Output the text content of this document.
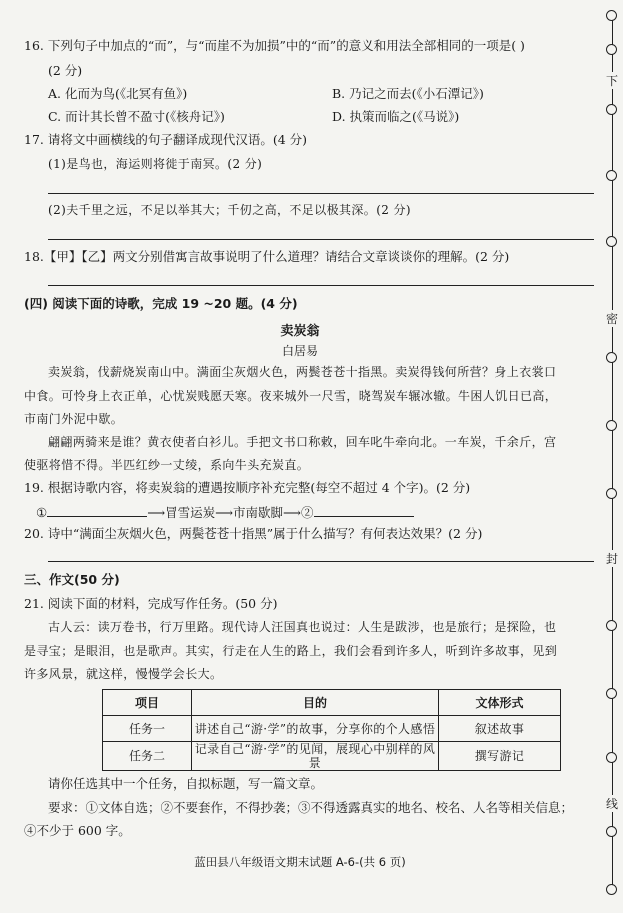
16. 下列句子中加点的“而”，与“而崖不为加损”中的“而”的意义和用法全部相同的一项是( )
(2 分)
A. 化而为鸟(《北冥有鱼》)	B. 乃记之而去(《小石潭记》)
C. 而计其长曾不盈寸(《核舟记》)	D. 执策而临之(《马说》)
17. 请将文中画横线的句子翻译成现代汉语。(4 分)
(1)是鸟也，海运则将徙于南冥。(2 分)
(2)夫千里之远，不足以举其大；千仞之高，不足以极其深。(2 分)
18.【甲】【乙】两文分别借寓言故事说明了什么道理？请结合文章谈谈你的理解。(2 分)
(四) 阅读下面的诗歌，完成 19 ~20 题。(4 分)
卖炭翁
白居易
卖炭翁，伐薪烧炭南山中。满面尘灰烟火色，两鬓苍苍十指黑。卖炭得钱何所营？身上衣裳口
中食。可怜身上衣正单，心忧炭贱愿天寒。夜来城外一尺雪，晓驾炭车辗冰辙。牛困人饥日已高，
市南门外泥中歇。
翩翩两骑来是谁？黄衣使者白衫儿。手把文书口称敕，回车叱牛牵向北。一车炭，千余斤，宫
使驱将惜不得。半匹红纱一丈绫，系向牛头充炭直。
19. 根据诗歌内容，将卖炭翁的遭遇按顺序补充完整(每空不超过 4 个字)。(2 分)
①	⟶冒雪运炭⟶市南歇脚⟶②
20. 诗中“满面尘灰烟火色，两鬓苍苍十指黑”属于什么描写？有何表达效果？(2 分)
三、作文(50 分)
21. 阅读下面的材料，完成写作任务。(50 分)
古人云：读万卷书，行万里路。现代诗人汪国真也说过：人生是跋涉，也是旅行；是探险，也
是寻宝；是眼泪，也是歌声。其实，行走在人生的路上，我们会看到许多人，听到许多故事，见到
许多风景，就这样，慢慢学会长大。
项目	目的	文体形式
任务一	讲述自己“游·学”的故事，分享你的个人感悟	叙述故事
任务二	记录自己“游·学”的见闻，展现心中别样的风景	撰写游记
请你任选其中一个任务，自拟标题，写一篇文章。
要求：①文体自选；②不要套作，不得抄袭；③不得透露真实的地名、校名、人名等相关信息；
④不少于 600 字。
蓝田县八年级语文期末试题 A-6-(共 6 页)
下
密
封
线
